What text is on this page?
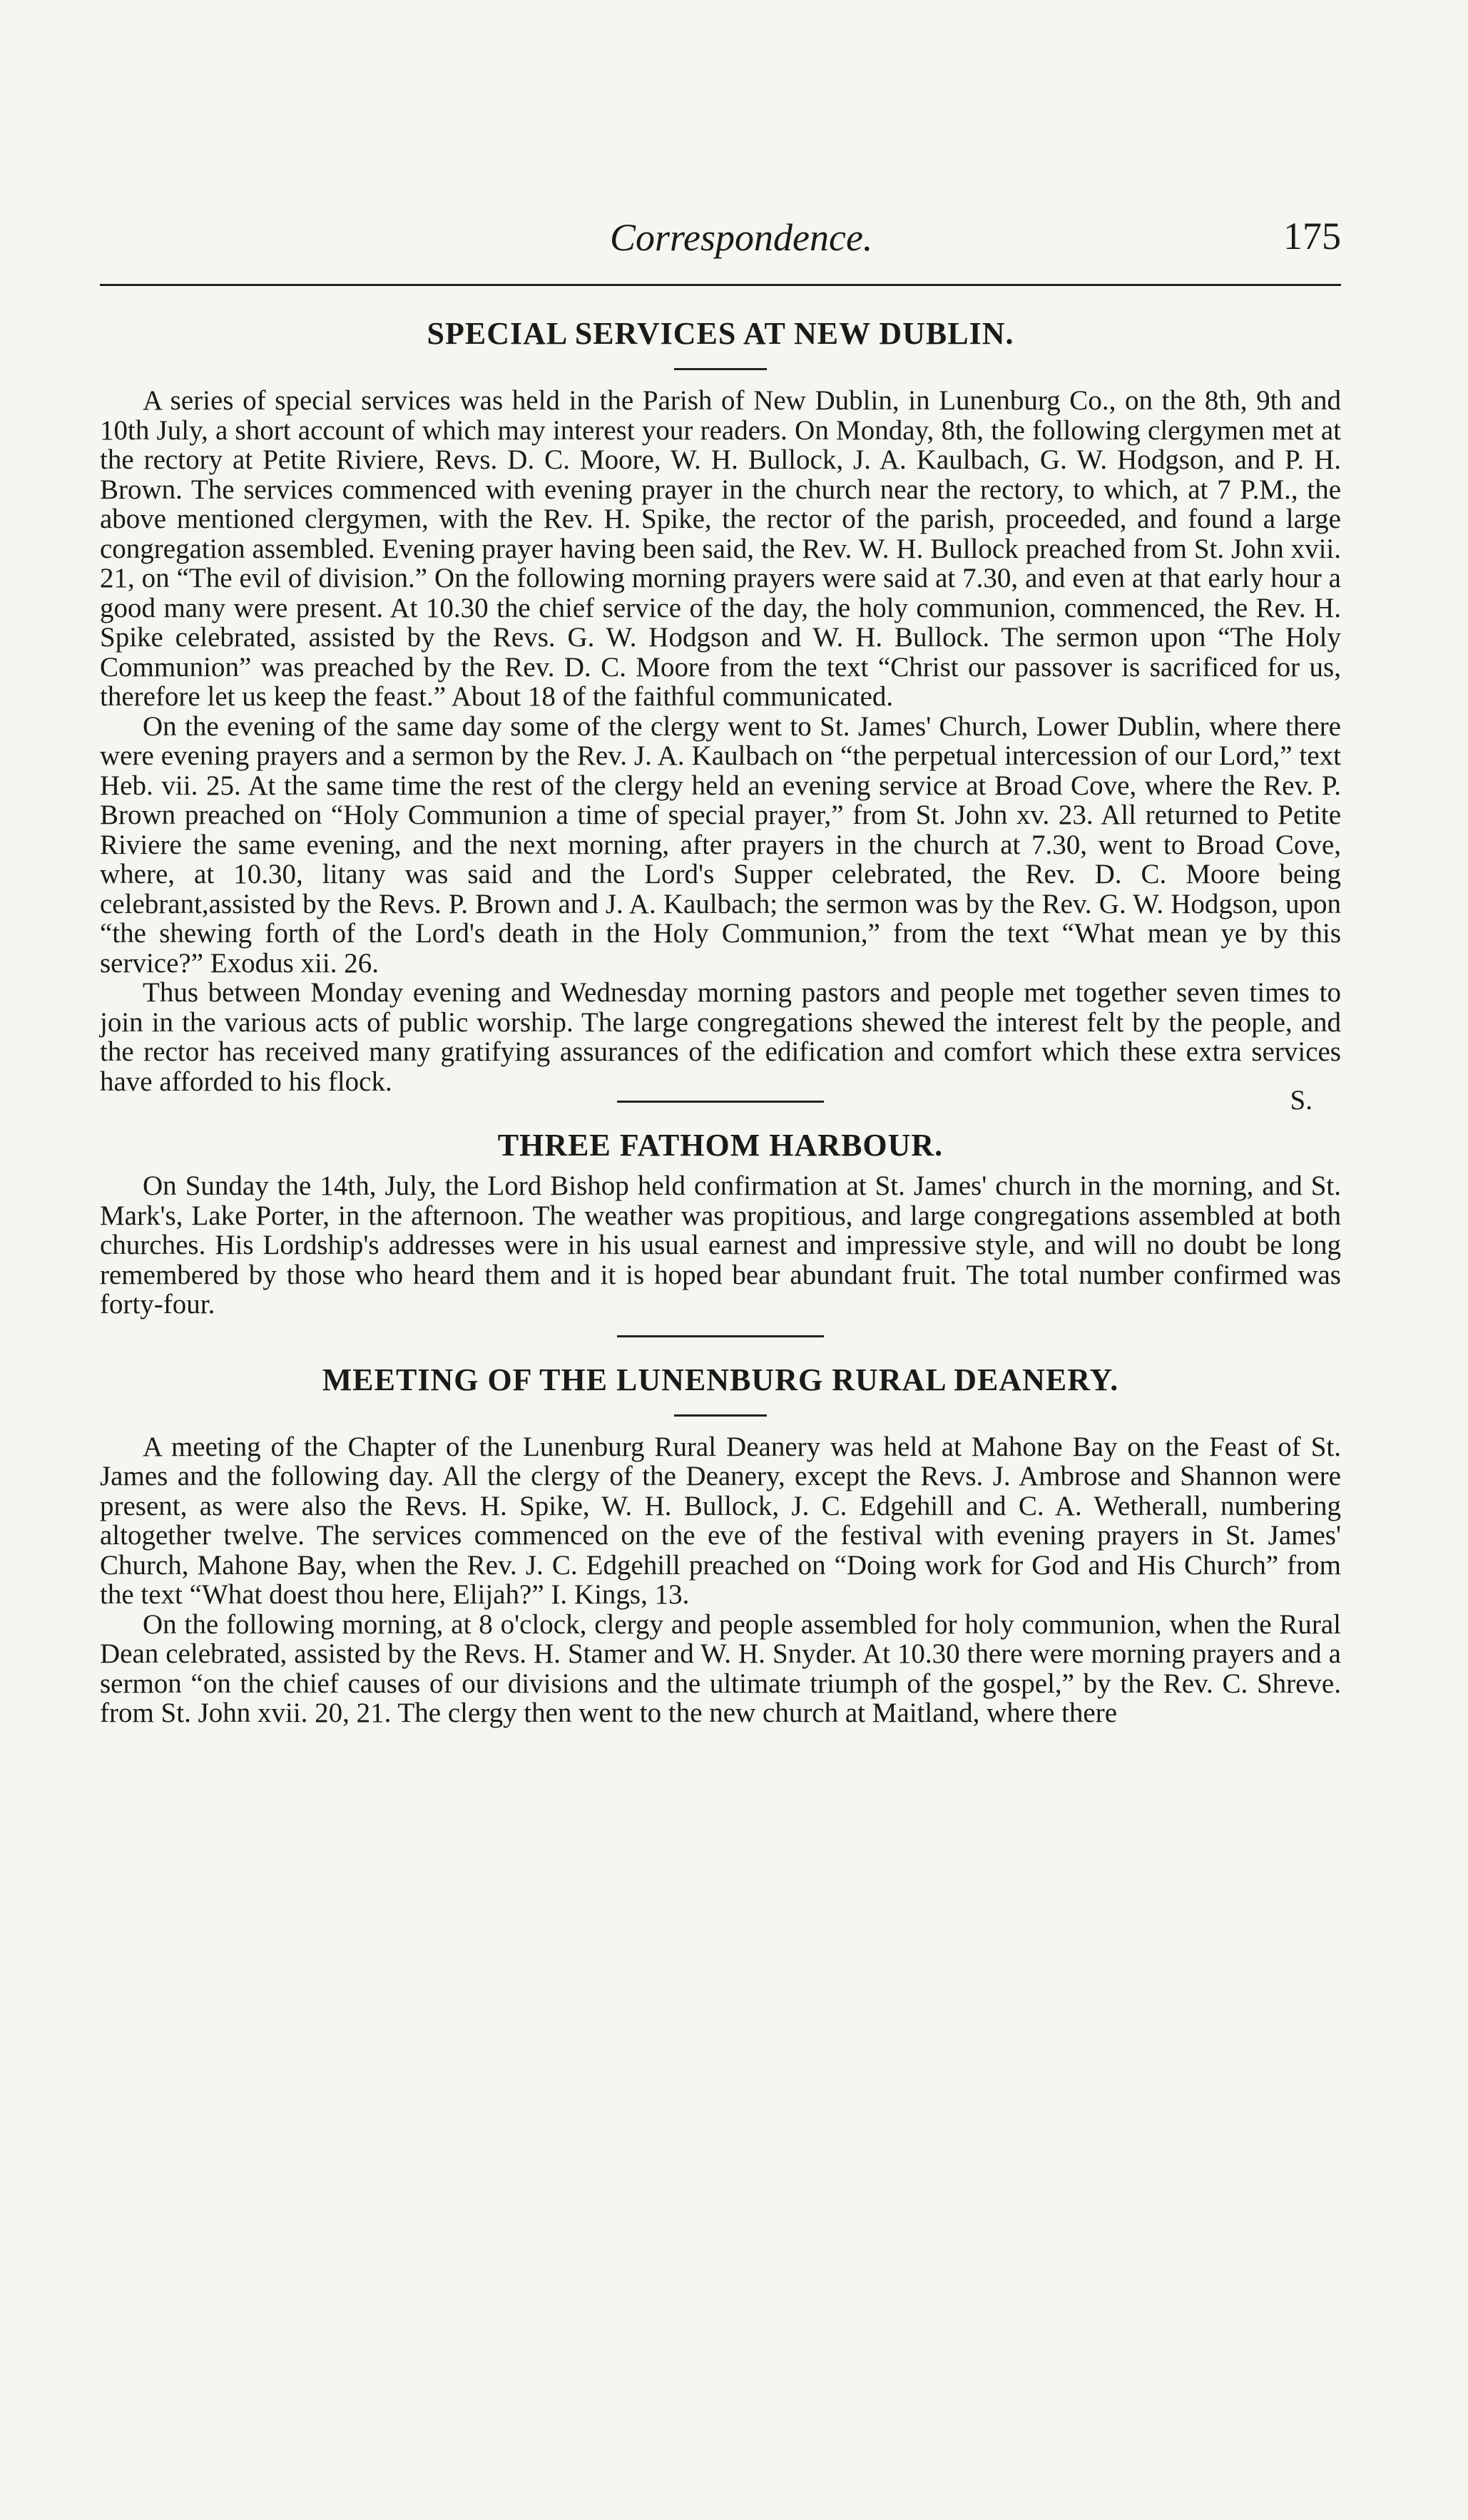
Correspondence.	175
SPECIAL SERVICES AT NEW DUBLIN.

A series of special services was held in the Parish of New Dublin, in Lunenburg Co., on the 8th, 9th and 10th July, a short account of which may interest your readers. On Monday, 8th, the following clergymen met at the rectory at Petite Riviere, Revs. D. C. Moore, W. H. Bullock, J. A. Kaulbach, G. W. Hodgson, and P. H. Brown. The services commenced with evening prayer in the church near the rectory, to which, at 7 P.M., the above mentioned clergymen, with the Rev. H. Spike, the rector of the parish, proceeded, and found a large congregation assembled. Evening prayer having been said, the Rev. W. H. Bullock preached from St. John xvii. 21, on “The evil of division.” On the following morning prayers were said at 7.30, and even at that early hour a good many were present. At 10.30 the chief service of the day, the holy communion, commenced, the Rev. H. Spike celebrated, assisted by the Revs. G. W. Hodgson and W. H. Bullock. The sermon upon “The Holy Communion” was preached by the Rev. D. C. Moore from the text “Christ our passover is sacrificed for us, therefore let us keep the feast.” About 18 of the faithful communicated.

On the evening of the same day some of the clergy went to St. James' Church, Lower Dublin, where there were evening prayers and a sermon by the Rev. J. A. Kaulbach on “the perpetual intercession of our Lord,” text Heb. vii. 25. At the same time the rest of the clergy held an evening service at Broad Cove, where the Rev. P. Brown preached on “Holy Communion a time of special prayer,” from St. John xv. 23. All returned to Petite Riviere the same evening, and the next morning, after prayers in the church at 7.30, went to Broad Cove, where, at 10.30, litany was said and the Lord's Supper celebrated, the Rev. D. C. Moore being celebrant,assisted by the Revs. P. Brown and J. A. Kaulbach; the sermon was by the Rev. G. W. Hodgson, upon “the shewing forth of the Lord's death in the Holy Communion,” from the text “What mean ye by this service?” Exodus xii. 26.

Thus between Monday evening and Wednesday morning pastors and people met together seven times to join in the various acts of public worship. The large congregations shewed the interest felt by the people, and the rector has received many gratifying assurances of the edification and comfort which these extra services have afforded to his flock.

S.
THREE FATHOM HARBOUR.

On Sunday the 14th, July, the Lord Bishop held confirmation at St. James' church in the morning, and St. Mark's, Lake Porter, in the afternoon. The weather was propitious, and large congregations assembled at both churches. His Lordship's addresses were in his usual earnest and impressive style, and will no doubt be long remembered by those who heard them and it is hoped bear abundant fruit. The total number confirmed was forty-four.

MEETING OF THE LUNENBURG RURAL DEANERY.

A meeting of the Chapter of the Lunenburg Rural Deanery was held at Mahone Bay on the Feast of St. James and the following day. All the clergy of the Deanery, except the Revs. J. Ambrose and Shannon were present, as were also the Revs. H. Spike, W. H. Bullock, J. C. Edgehill and C. A. Wetherall, numbering altogether twelve. The services commenced on the eve of the festival with evening prayers in St. James' Church, Mahone Bay, when the Rev. J. C. Edgehill preached on “Doing work for God and His Church” from the text “What doest thou here, Elijah?” I. Kings, 13.

On the following morning, at 8 o'clock, clergy and people assembled for holy communion, when the Rural Dean celebrated, assisted by the Revs. H. Stamer and W. H. Snyder. At 10.30 there were morning prayers and a sermon “on the chief causes of our divisions and the ultimate triumph of the gospel,” by the Rev. C. Shreve. from St. John xvii. 20, 21. The clergy then went to the new church at Maitland, where there
